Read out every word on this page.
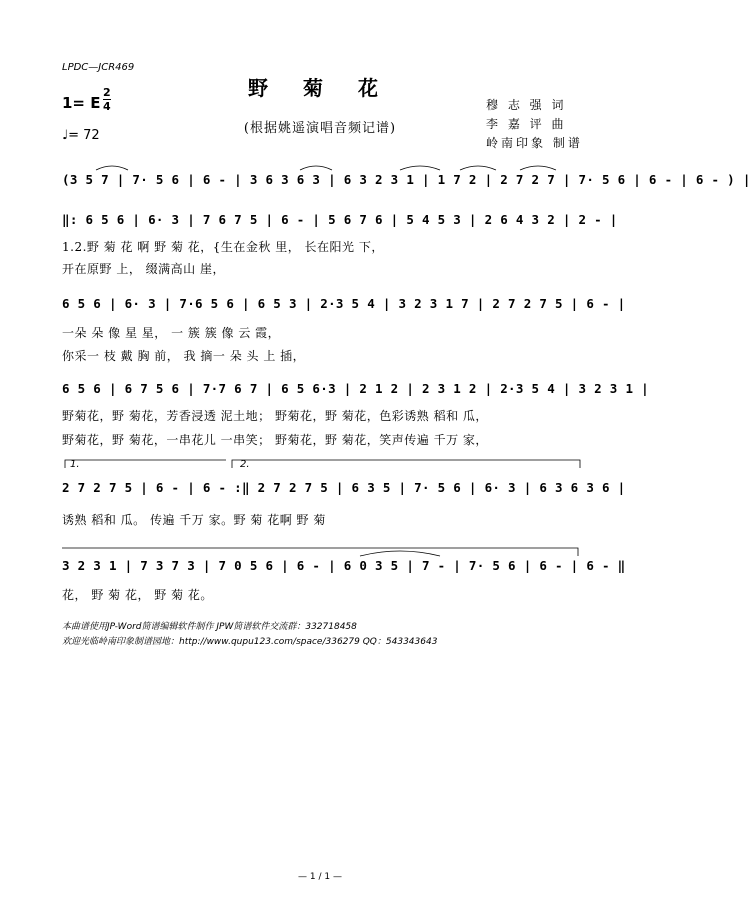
LPDC—JCR469
野 菊 花
(根据姚遥演唱音频记谱)
1= E
2
4
♩= 72
穆 志 强 词
李 嘉 评 曲
岭南印象 制谱
(3 5 7 | 7· 5 6 | 6 - | 3 6 3 6 3 | 6 3 2 3 1 | 1 7 2 | 2 7 2 7 | 7· 5 6 | 6 - | 6 - ) |
‖: 6 5 6 | 6· 3 | 7 6 7 5 | 6 - | 5 6 7 6 | 5 4 5 3 | 2 6 4 3 2 | 2 - |
1.2.野 菊 花 啊 野 菊 花，{生在金秋 里， 长在阳光 下，
开在原野 上， 缀满高山 崖，
6 5 6 | 6· 3 | 7·6 5 6 | 6 5 3 | 2·3 5 4 | 3 2 3 1 7 | 2 7 2 7 5 | 6 - |
一朵 朵 像 星 星， 一 簇 簇 像 云 霞，
你采一 枝 戴 胸 前， 我 摘一 朵 头 上 插，
6 5 6 | 6 7 5 6 | 7·7 6 7 | 6 5 6·3 | 2 1 2 | 2 3 1 2 | 2·3 5 4 | 3 2 3 1 |
野菊花，野 菊花，芳香浸透 泥土地； 野菊花，野 菊花，色彩诱熟 稻和 瓜，
野菊花，野 菊花，一串花儿 一串笑； 野菊花，野 菊花，笑声传遍 千万 家，
1.	2.
2 7 2 7 5 | 6 - | 6 - :‖ 2 7 2 7 5 | 6 3 5 | 7· 5 6 | 6· 3 | 6 3 6 3 6 |
诱熟 稻和 瓜。 传遍 千万 家。野 菊 花啊 野 菊
3 2 3 1 | 7 3 7 3 | 7 0 5 6 | 6 - | 6 0 3 5 | 7 - | 7· 5 6 | 6 - | 6 - ‖
花， 野 菊 花， 野 菊 花。
本曲谱使用JP-Word简谱编辑软件制作 JPW简谱软件交流群：332718458
欢迎光临岭南印象制谱园地：http://www.qupu123.com/space/336279 QQ：543343643
— 1 / 1 —
